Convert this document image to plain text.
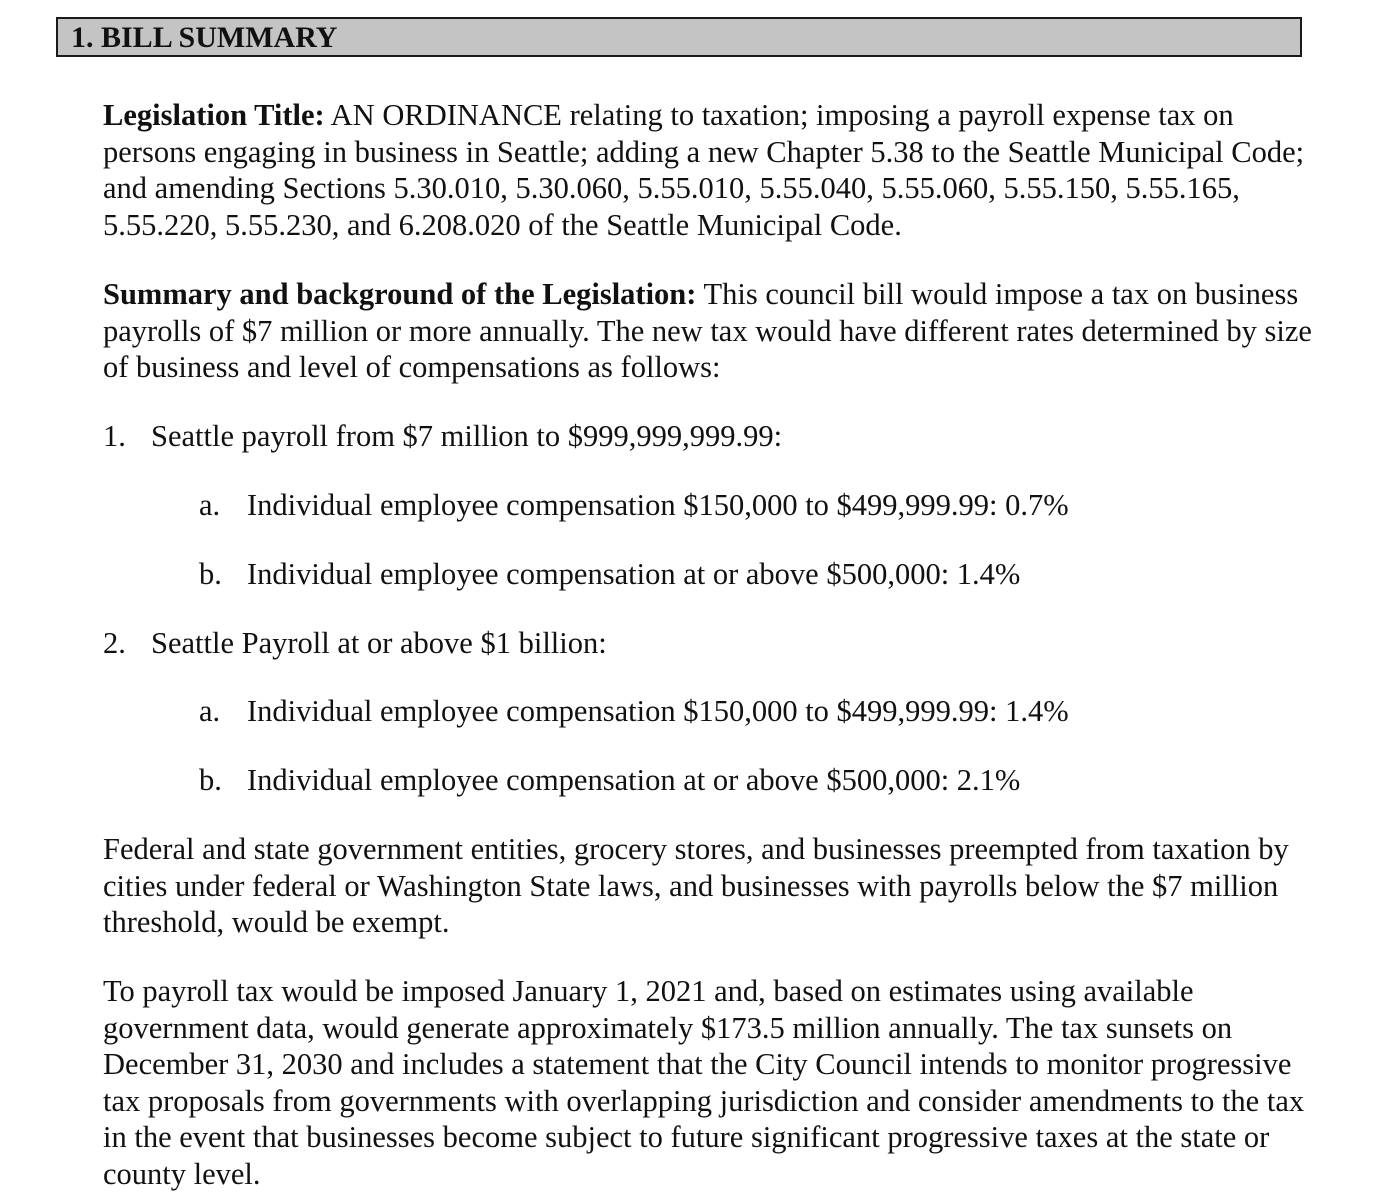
1. BILL SUMMARY

Legislation Title: AN ORDINANCE relating to taxation; imposing a payroll expense tax on persons engaging in business in Seattle; adding a new Chapter 5.38 to the Seattle Municipal Code; and amending Sections 5.30.010, 5.30.060, 5.55.010, 5.55.040, 5.55.060, 5.55.150, 5.55.165, 5.55.220, 5.55.230, and 6.208.020 of the Seattle Municipal Code.

Summary and background of the Legislation: This council bill would impose a tax on business payrolls of $7 million or more annually. The new tax would have different rates determined by size of business and level of compensations as follows:

1. Seattle payroll from $7 million to $999,999,999.99:
a. Individual employee compensation $150,000 to $499,999.99: 0.7%
b. Individual employee compensation at or above $500,000: 1.4%
2. Seattle Payroll at or above $1 billion:
a. Individual employee compensation $150,000 to $499,999.99: 1.4%
b. Individual employee compensation at or above $500,000: 2.1%

Federal and state government entities, grocery stores, and businesses preempted from taxation by cities under federal or Washington State laws, and businesses with payrolls below the $7 million threshold, would be exempt.

To payroll tax would be imposed January 1, 2021 and, based on estimates using available government data, would generate approximately $173.5 million annually. The tax sunsets on December 31, 2030 and includes a statement that the City Council intends to monitor progressive tax proposals from governments with overlapping jurisdiction and consider amendments to the tax in the event that businesses become subject to future significant progressive taxes at the state or county level.
